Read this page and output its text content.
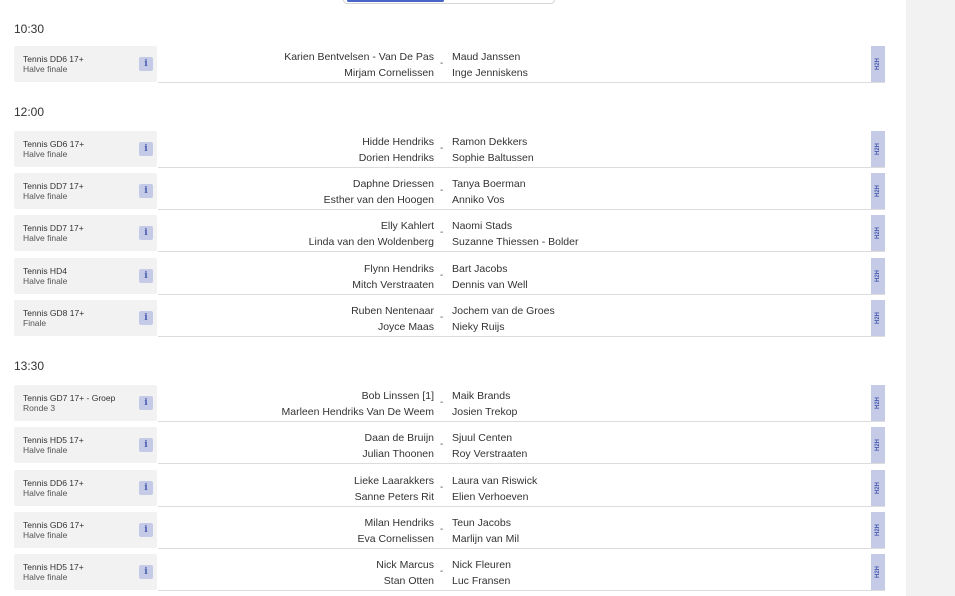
10:30
Tennis DD6 17+
Halve finale	i
Karien Bentvelsen - Van De Pas
Mirjam Cornelissen
-
Maud Janssen
Inge Jenniskens
H2H
12:00
Tennis GD6 17+
Halve finale	i
Hidde Hendriks
Dorien Hendriks
-
Ramon Dekkers
Sophie Baltussen
H2H
Tennis DD7 17+
Halve finale	i
Daphne Driessen
Esther van den Hoogen
-
Tanya Boerman
Anniko Vos
H2H
Tennis DD7 17+
Halve finale	i
Elly Kahlert
Linda van den Woldenberg
-
Naomi Stads
Suzanne Thiessen - Bolder
H2H
Tennis HD4
Halve finale	i
Flynn Hendriks
Mitch Verstraaten
-
Bart Jacobs
Dennis van Well
H2H
Tennis GD8 17+
Finale	i
Ruben Nentenaar
Joyce Maas
-
Jochem van de Groes
Nieky Ruijs
H2H
13:30
Tennis GD7 17+ - Groep
Ronde 3	i
Bob Linssen [1]
Marleen Hendriks Van De Weem
-
Maik Brands
Josien Trekop
H2H
Tennis HD5 17+
Halve finale	i
Daan de Bruijn
Julian Thoonen
-
Sjuul Centen
Roy Verstraaten
H2H
Tennis DD6 17+
Halve finale	i
Lieke Laarakkers
Sanne Peters Rit
-
Laura van Riswick
Elien Verhoeven
H2H
Tennis GD6 17+
Halve finale	i
Milan Hendriks
Eva Cornelissen
-
Teun Jacobs
Marlijn van Mil
H2H
Tennis HD5 17+
Halve finale	i
Nick Marcus
Stan Otten
-
Nick Fleuren
Luc Fransen
H2H
